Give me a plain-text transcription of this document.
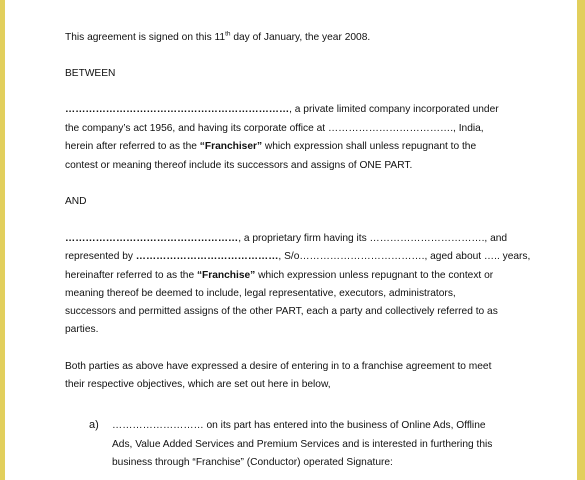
This agreement is signed on this 11th day of January, the year 2008.
BETWEEN
…………………………………………………………, a private limited company incorporated under
the company’s act 1956, and having its corporate office at ………………………………., India,
herein after referred to as the “Franchiser” which expression shall unless repugnant to the
contest or meaning thereof include its successors and assigns of ONE PART.
AND
……………………………………………, a proprietary firm having its ……………………………., and
represented by ……………………………………, S/o………………………………., aged about ….. years,
hereinafter referred to as the “Franchise” which expression unless repugnant to the context or
meaning thereof be deemed to include, legal representative, executors, administrators,
successors and permitted assigns of the other PART, each a party and collectively referred to as
parties.
Both parties as above have expressed a desire of entering in to a franchise agreement to meet
their respective objectives, which are set out here in below,
a) ……………………… on its part has entered into the business of Online Ads, Offline
Ads, Value Added Services and Premium Services and is interested in furthering this
business through “Franchise” (Conductor) operated Signature:
